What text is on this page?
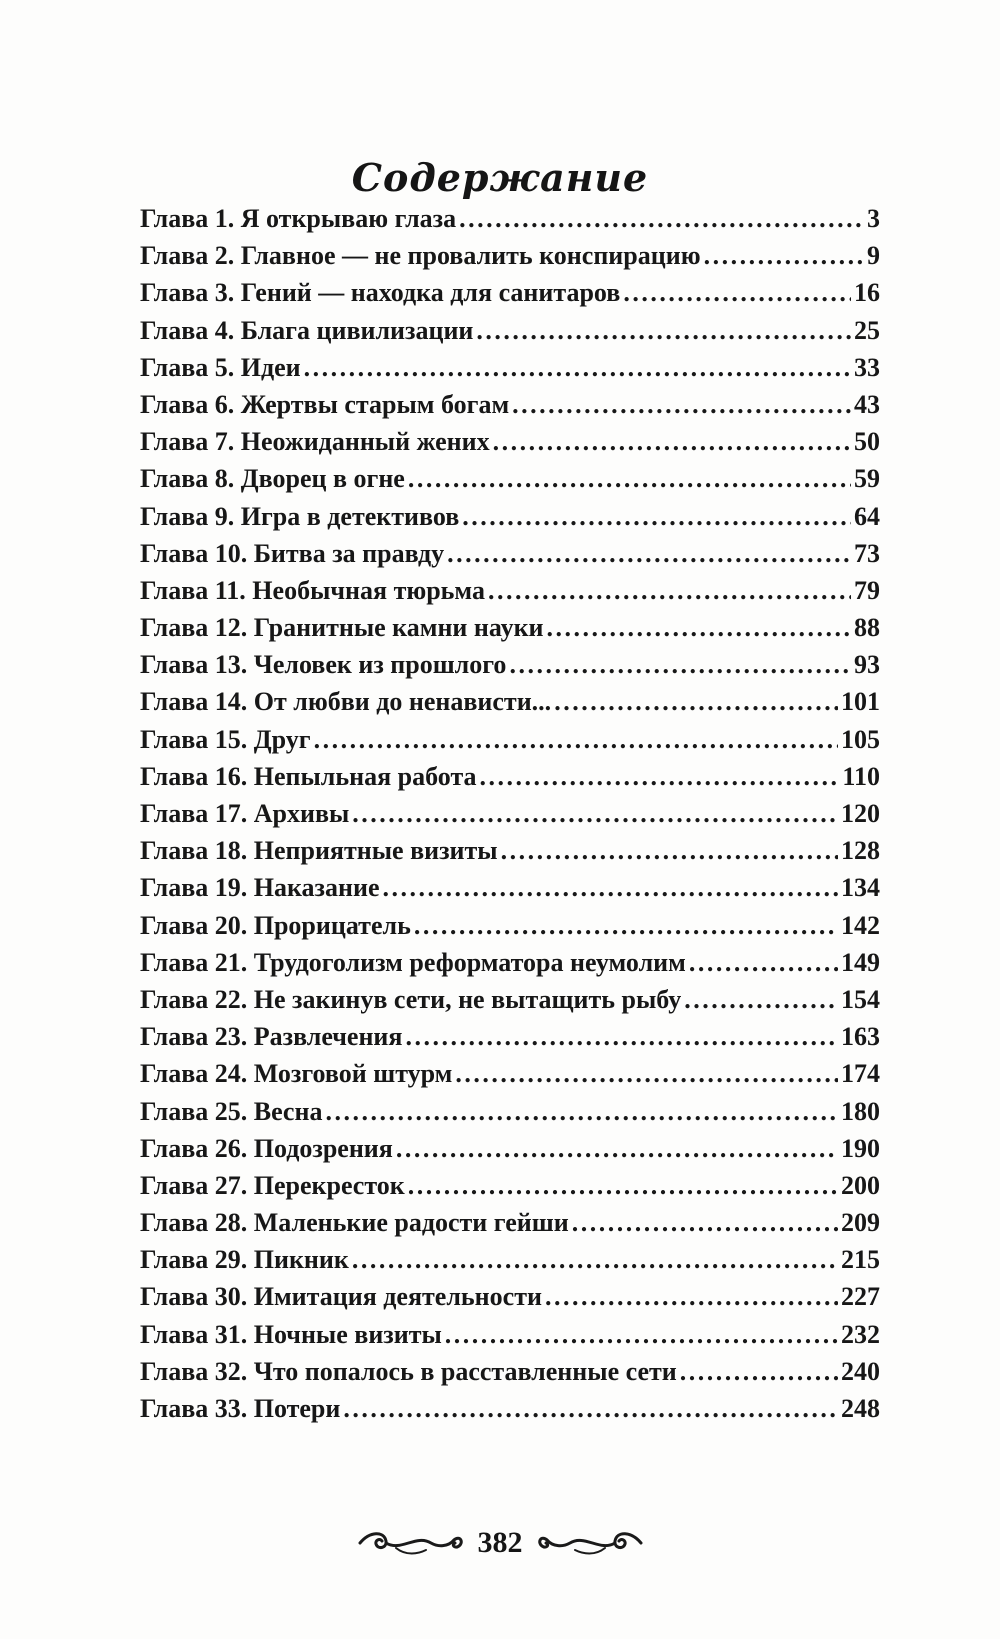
Содержание
Глава 1. Я открываю глаза . . .	3
Глава 2. Главное — не провалить конспирацию . . .	9
Глава 3. Гений — находка для санитаров . . .	16
Глава 4. Блага цивилизации . . .	25
Глава 5. Идеи . . .	33
Глава 6. Жертвы старым богам . . .	43
Глава 7. Неожиданный жених . . .	50
Глава 8. Дворец в огне . . .	59
Глава 9. Игра в детективов . . .	64
Глава 10. Битва за правду . . .	73
Глава 11. Необычная тюрьма . . .	79
Глава 12. Гранитные камни науки . . .	88
Глава 13. Человек из прошлого . . .	93
Глава 14. От любви до ненависти... . . .	101
Глава 15. Друг . . .	105
Глава 16. Непыльная работа . . .	110
Глава 17. Архивы . . .	120
Глава 18. Неприятные визиты . . .	128
Глава 19. Наказание . . .	134
Глава 20. Прорицатель . . .	142
Глава 21. Трудоголизм реформатора неумолим . . .	149
Глава 22. Не закинув сети, не вытащить рыбу . . .	154
Глава 23. Развлечения . . .	163
Глава 24. Мозговой штурм . . .	174
Глава 25. Весна . . .	180
Глава 26. Подозрения . . .	190
Глава 27. Перекресток . . .	200
Глава 28. Маленькие радости гейши . . .	209
Глава 29. Пикник . . .	215
Глава 30. Имитация деятельности . . .	227
Глава 31. Ночные визиты . . .	232
Глава 32. Что попалось в расставленные сети . . .	240
Глава 33. Потери . . .	248
382
